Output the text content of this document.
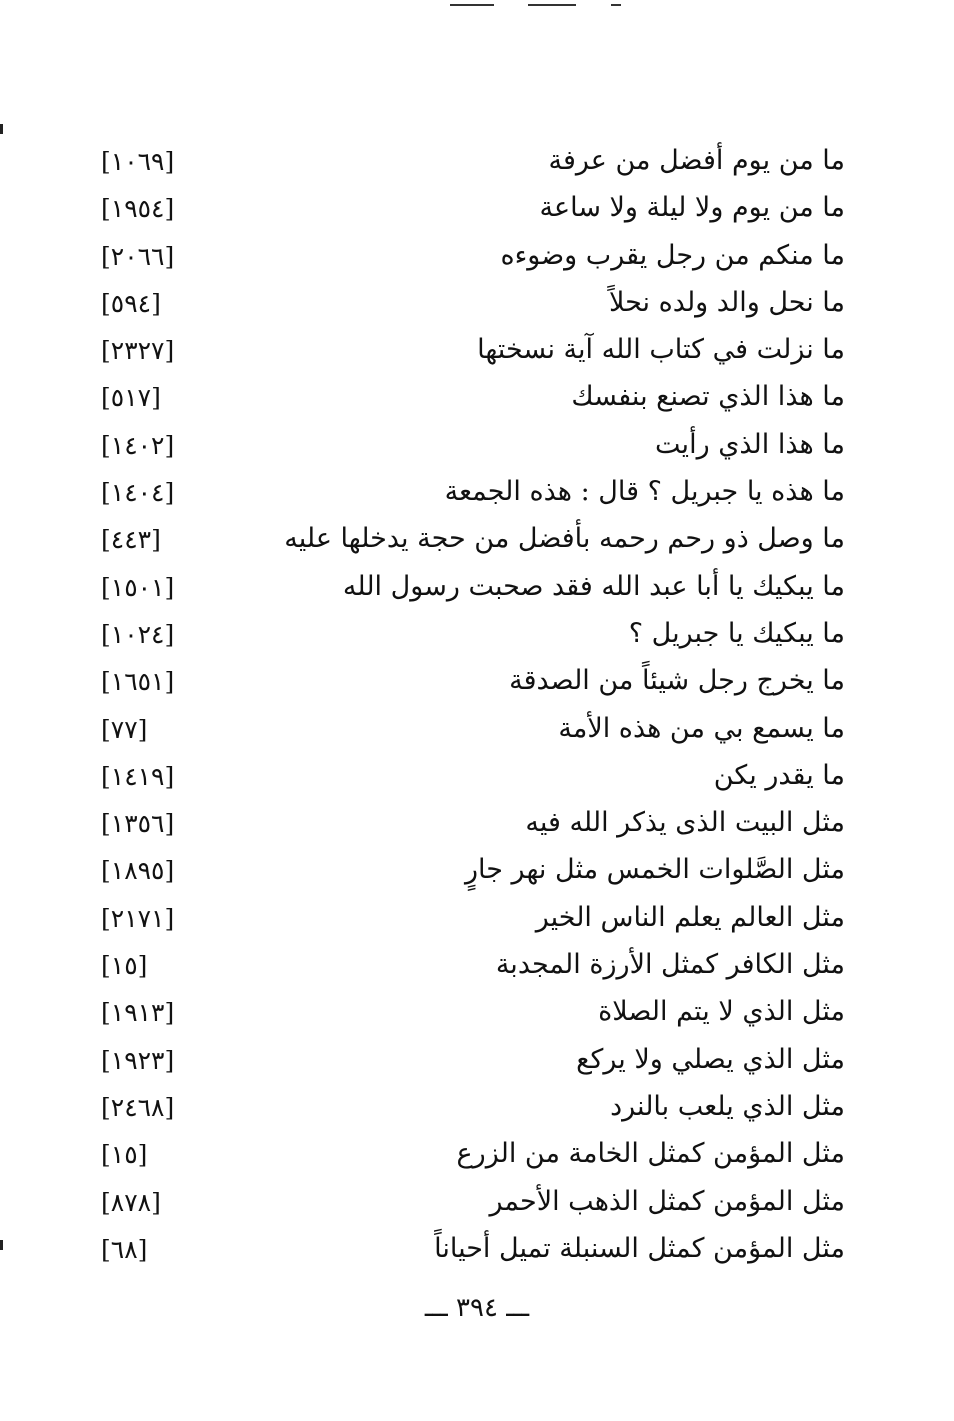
ما من يوم أفضل من عرفة
[١٠٦٩]
ما من يوم ولا ليلة ولا ساعة
[١٩٥٤]
ما منكم من رجل يقرب وضوءه
[٢٠٦٦]
ما نحل والد ولده نحلاً
[٥٩٤]
ما نزلت في كتاب الله آية نسختها
[٢٣٢٧]
ما هذا الذي تصنع بنفسك
[٥١٧]
ما هذا الذي رأيت
[١٤٠٢]
ما هذه يا جبريل ؟ قال : هذه الجمعة
[١٤٠٤]
ما وصل ذو رحم رحمه بأفضل من حجة يدخلها عليه
[٤٤٣]
ما يبكيك يا أبا عبد الله فقد صحبت رسول الله
[١٥٠١]
ما يبكيك يا جبريل ؟
[١٠٢٤]
ما يخرج رجل شيئاً من الصدقة
[١٦٥١]
ما يسمع بي من هذه الأمة
[٧٧]
ما يقدر يكن
[١٤١٩]
مثل البيت الذى يذكر الله فيه
[١٣٥٦]
مثل الصَّلوات الخمس مثل نهر جارٍ
[١٨٩٥]
مثل العالم يعلم الناس الخير
[٢١٧١]
مثل الكافر كمثل الأرزة المجدبة
[١٥]
مثل الذي لا يتم الصلاة
[١٩١٣]
مثل الذي يصلي ولا يركع
[١٩٢٣]
مثل الذي يلعب بالنرد
[٢٤٦٨]
مثل المؤمن كمثل الخامة من الزرع
[١٥]
مثل المؤمن كمثل الذهب الأحمر
[٨٧٨]
مثل المؤمن كمثل السنبلة تميل أحياناً
[٦٨]
ـــ ٣٩٤ ـــ
